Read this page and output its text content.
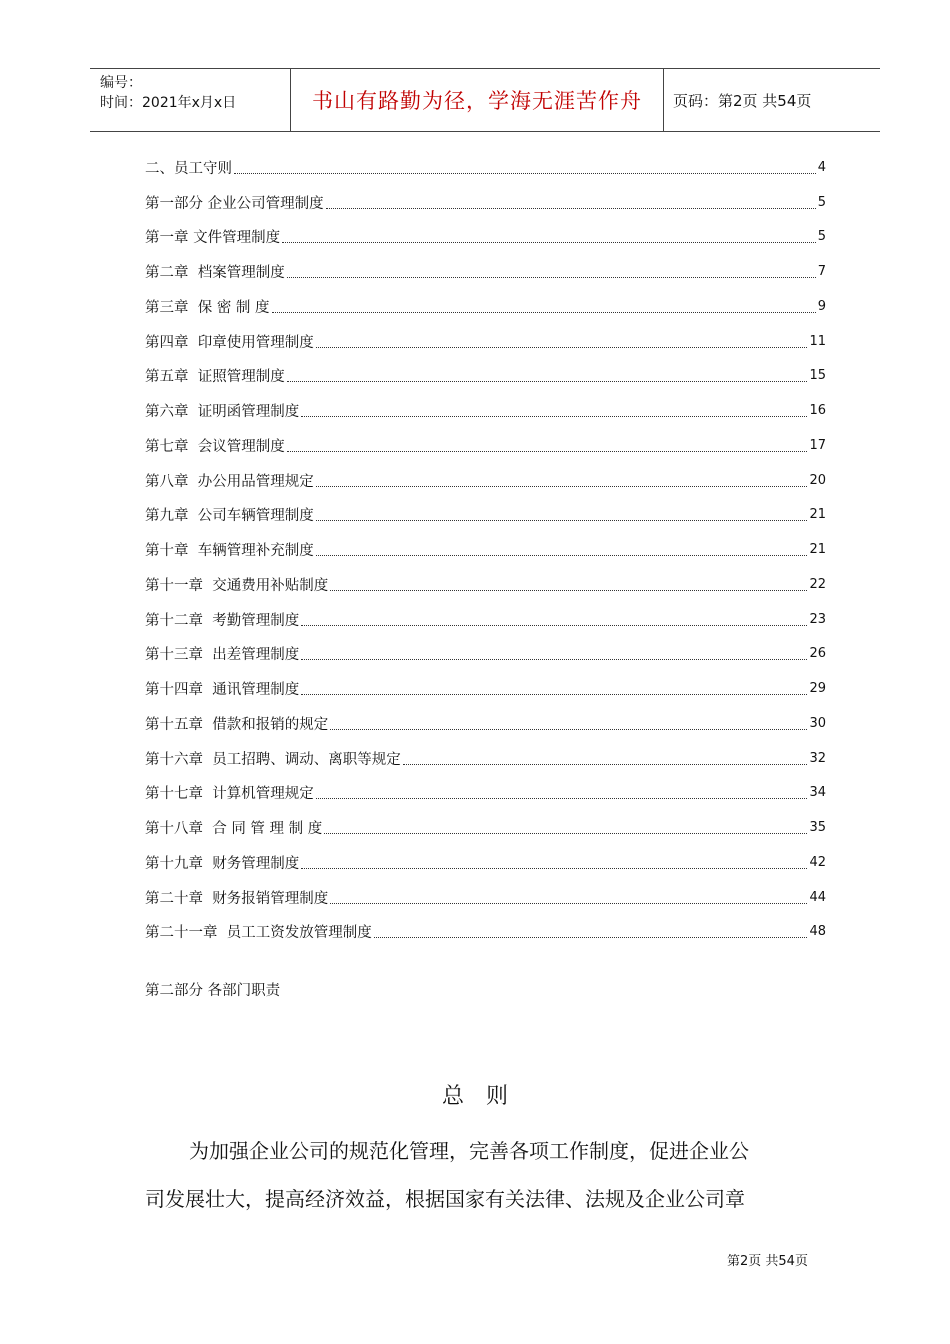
编号：
时间：2021年x月x日	书山有路勤为径，学海无涯苦作舟	页码：第2页 共54页
二、员工守则	4
第一部分 企业公司管理制度	5
第一章 文件管理制度	5
第二章  档案管理制度	7
第三章  保 密 制 度	9
第四章  印章使用管理制度	11
第五章  证照管理制度	15
第六章  证明函管理制度	16
第七章  会议管理制度	17
第八章  办公用品管理规定	20
第九章  公司车辆管理制度	21
第十章  车辆管理补充制度	21
第十一章  交通费用补贴制度	22
第十二章  考勤管理制度	23
第十三章  出差管理制度	26
第十四章  通讯管理制度	29
第十五章  借款和报销的规定	30
第十六章  员工招聘、调动、离职等规定	32
第十七章  计算机管理规定	34
第十八章  合 同 管 理 制 度	35
第十九章  财务管理制度	42
第二十章  财务报销管理制度	44
第二十一章  员工工资发放管理制度	48
第二部分 各部门职责
总则
为加强企业公司的规范化管理，完善各项工作制度，促进企业公
司发展壮大，提高经济效益，根据国家有关法律、法规及企业公司章
第2页 共54页
